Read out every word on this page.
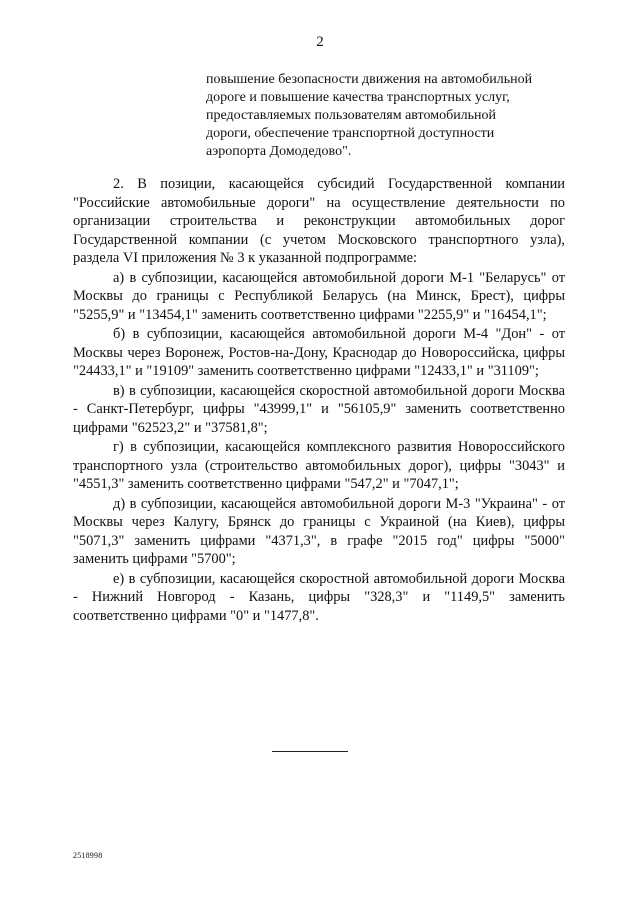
2
повышение безопасности движения на автомобильной
дороге и повышение качества транспортных услуг,
предоставляемых пользователям автомобильной
дороги, обеспечение транспортной доступности
аэропорта Домодедово".

2. В позиции, касающейся субсидий Государственной компании "Российские автомобильные дороги" на осуществление деятельности по организации строительства и реконструкции автомобильных дорог Государственной компании (с учетом Московского транспортного узла), раздела VI приложения № 3 к указанной подпрограмме:

а) в субпозиции, касающейся автомобильной дороги М-1 "Беларусь" от Москвы до границы с Республикой Беларусь (на Минск, Брест), цифры "5255,9" и "13454,1" заменить соответственно цифрами "2255,9" и "16454,1";

б) в субпозиции, касающейся автомобильной дороги М-4 "Дон" - от Москвы через Воронеж, Ростов-на-Дону, Краснодар до Новороссийска, цифры "24433,1" и "19109" заменить соответственно цифрами "12433,1" и "31109";

в) в субпозиции, касающейся скоростной автомобильной дороги Москва - Санкт-Петербург, цифры "43999,1" и "56105,9" заменить соответственно цифрами "62523,2" и "37581,8";

г) в субпозиции, касающейся комплексного развития Новороссийского транспортного узла (строительство автомобильных дорог), цифры "3043" и "4551,3" заменить соответственно цифрами "547,2" и "7047,1";

д) в субпозиции, касающейся автомобильной дороги М-3 "Украина" - от Москвы через Калугу, Брянск до границы с Украиной (на Киев), цифры "5071,3" заменить цифрами "4371,3", в графе "2015 год" цифры "5000" заменить цифрами "5700";

е) в субпозиции, касающейся скоростной автомобильной дороги Москва - Нижний Новгород - Казань, цифры "328,3" и "1149,5" заменить соответственно цифрами "0" и "1477,8".

2518998
